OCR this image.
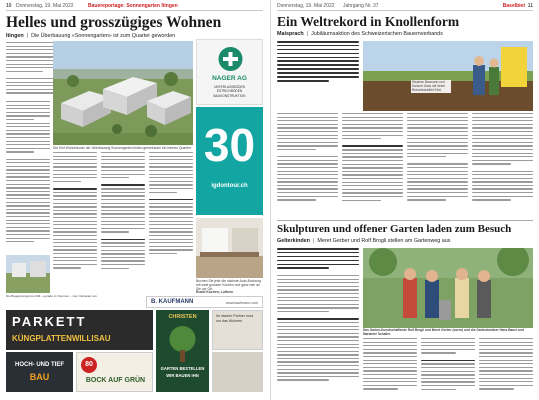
10 Donnerstag, 19. Mai 2022	Bauereportage: Sonnengarten Itingen
Helles und grosszügiges Wohnen
Itingen  |  Die Überbauung «Sonnengarten» ist zum Quarter geworden
NAGER AG
UNTERLAGSBÖDEN
ESTRICHBÖDEN
BAUKONSTRUKTION
30
igdontour.ch
Die fünf Wohnhäuser der Überbauung Sonnengarten bilden gemeinsam ein kleines Quartier.
Buchen Sie jetzt die nächste Auto-Buchung mit zwei grossen Küchen und ganz nah an Sie vor Ort.
Ruedi Küchen, Luthern
Die Begegnungszone fällt – gerade im Sommer – zum Verweilen ein.
B. KAUFMANN	www.kaufmann.com
PARKETT
KÜNGPLATTENWILLISAU
CHRISTEN
GARTEN BESTELLEN
WIR BAUEN IHN
Ihr starker Partner rund um das Wohnen
HOCH- UND TIEF
BAU
80
BOCK AUF GRÜN
Donnerstag, 19. Mai 2022 Jahrgang Nr. 37	Baselbiet 11
Ein Weltrekord in Knollenform
Maisprach  |  Jubiläumsaktion des Schweizerischen Bauernverbands
Stephan Baumann und Samuel Gass mit ihrem Rekordkartoffel-Feld.
Skulpturen und offener Garten laden zum Besuch
Gelterkinden  |  Meret Gerber und Rolf Brogli stellen am Gartenweg aus
Das Garten-Kunstschaffende Rolf Brogli und Meret Gerber (vorne) und die Gartenbesitzer Hans Bauer und Marianne Schaller.
